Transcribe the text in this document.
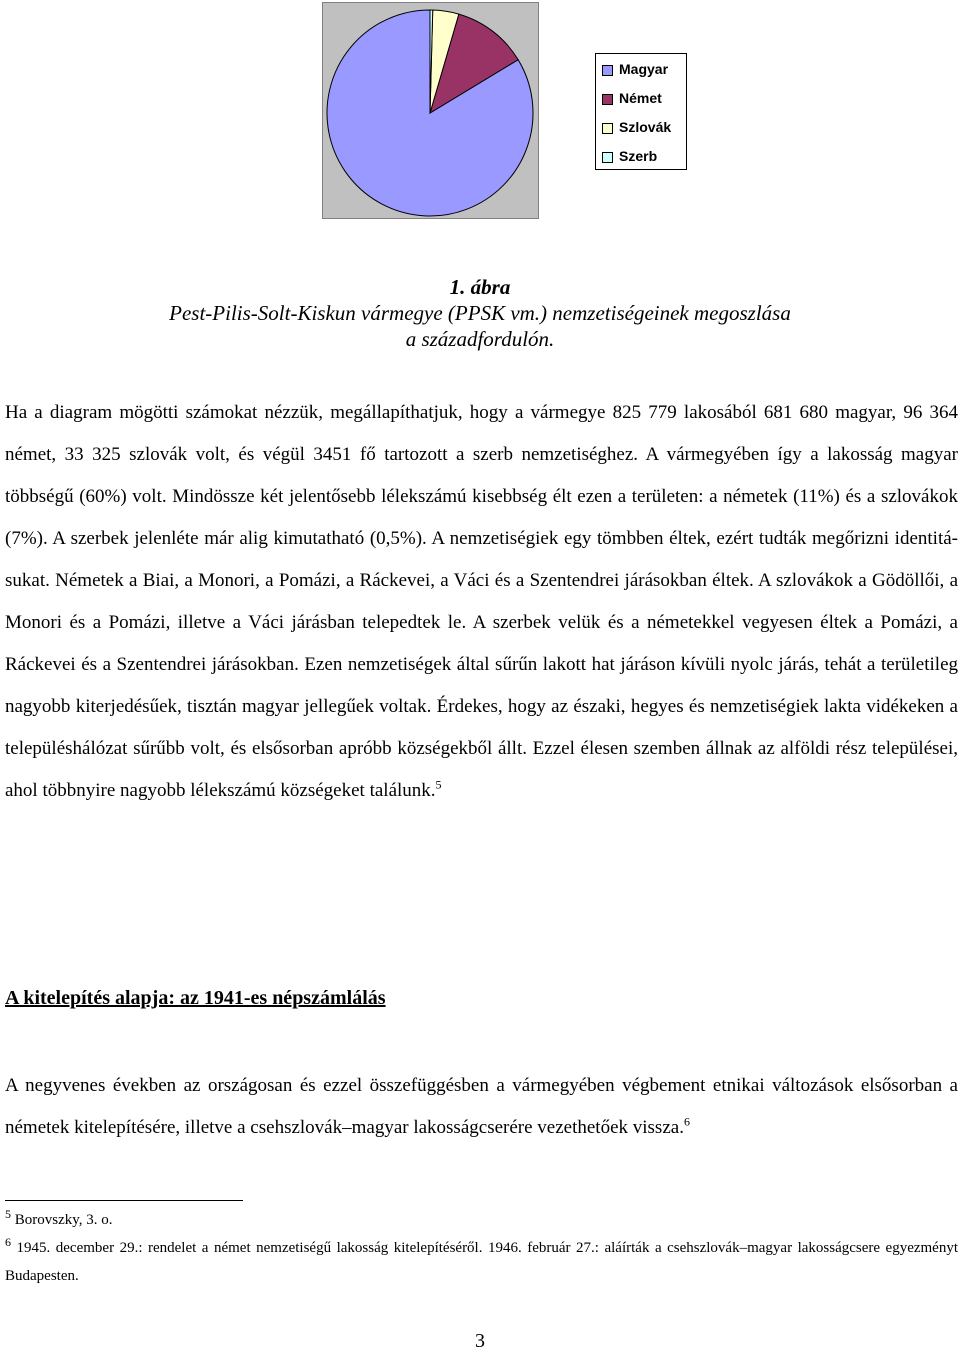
Magyar
Német
Szlovák
Szerb
1. ábra
Pest-Pilis-Solt-Kiskun vármegye (PPSK vm.) nemzetiségeinek megoszlása
a századfordulón.
Ha a diagram mögötti számokat nézzük, megállapíthatjuk, hogy a vármegye 825 779 lakosából 681 680 magyar, 96 364 német, 33 325 szlovák volt, és végül 3451 fő tartozott a szerb nemzetiséghez. A vármegyében így a lakosság magyar többségű (60%) volt. Mindössze két jelentősebb lélekszámú kisebbség élt ezen a területen: a németek (11%) és a szlovákok (7%). A szerbek jelenléte már alig kimutatható (0,5%). A nemzetiségiek egy tömbben éltek, ezért tudták megőrizni identitásukat. Németek a Biai, a Monori, a Pomázi, a Ráckevei, a Váci és a Szentendrei járásokban éltek. A szlovákok a Gödöllői, a Monori és a Pomázi, illetve a Váci járásban telepedtek le. A szerbek velük és a németekkel vegyesen éltek a Pomázi, a Ráckevei és a Szentendrei járásokban. Ezen nemzetiségek által sűrűn lakott hat járáson kívüli nyolc járás, tehát a területileg nagyobb kiterjedésűek, tisztán magyar jellegűek voltak. Érdekes, hogy az északi, hegyes és nemzetiségiek lakta vidékeken a településhálózat sűrűbb volt, és elsősorban apróbb községekből állt. Ezzel élesen szemben állnak az alföldi rész települései, ahol többnyire nagyobb lélekszámú községeket találunk.$^5$
A kitelepítés alapja: az 1941-es népszámlálás
A negyvenes években az országosan és ezzel összefüggésben a vármegyében végbement etnikai változások elsősorban a németek kitelepítésére, illetve a csehszlovák–magyar lakosságcserére vezethetőek vissza.$^6$
$^5$ Borovszky, 3. o.
$^6$ 1945. december 29.: rendelet a német nemzetiségű lakosság kitelepítéséről. 1946. február 27.: aláírták a csehszlovák–magyar lakosságcsere egyezményt Budapesten.
3
